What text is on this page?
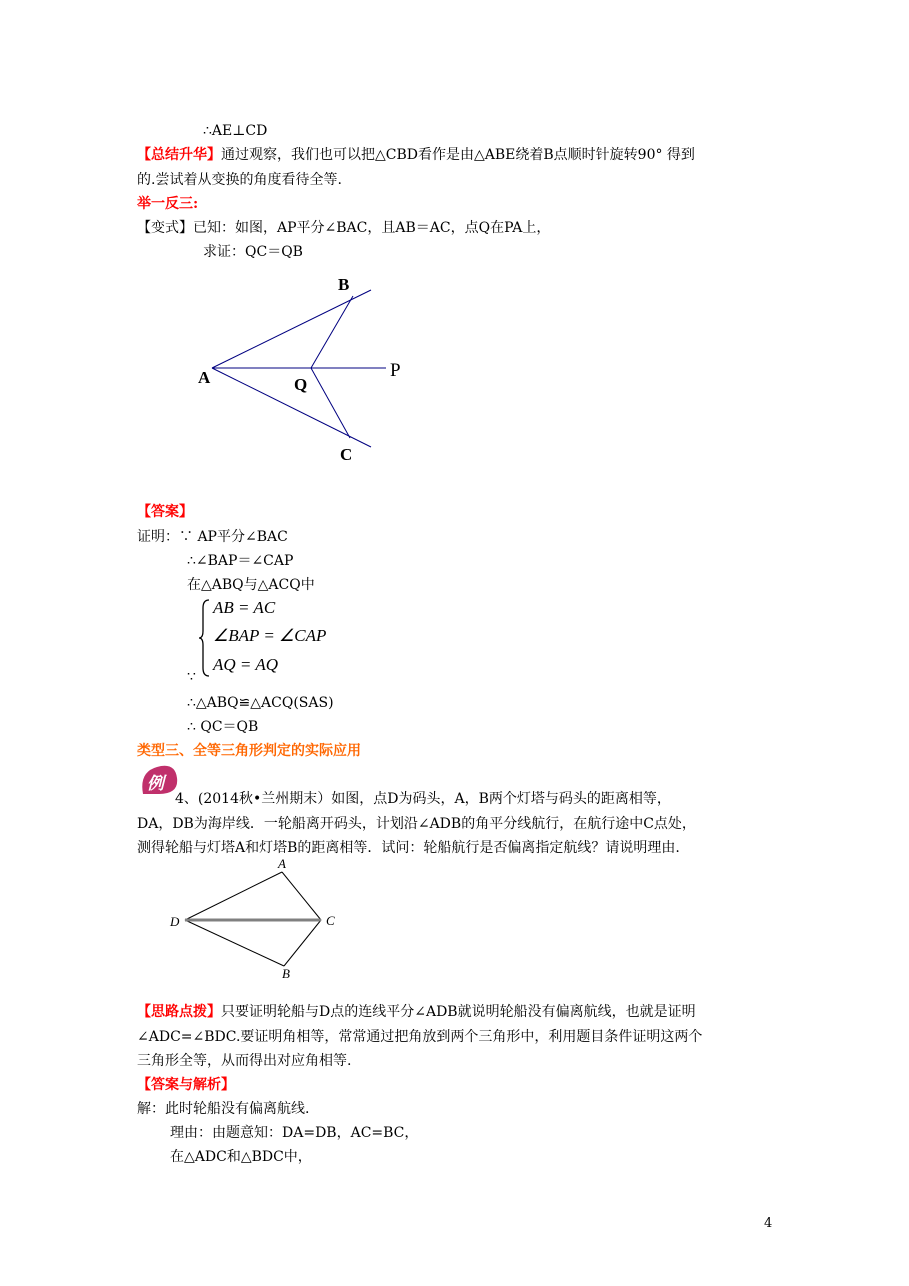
∴AE⊥CD
【总结升华】通过观察，我们也可以把△CBD看作是由△ABE绕着B点顺时针旋转90° 得到
的.尝试着从变换的角度看待全等.
举一反三:
【变式】已知：如图，AP平分∠BAC，且AB＝AC，点Q在PA上，
求证：QC＝QB
A
B
C
Q
P
【答案】
证明：∵ AP平分∠BAC
∴∠BAP＝∠CAP
在△ABQ与△ACQ中
AB = AC
∠BAP = ∠CAP
AQ = AQ
∵
∴△ABQ≌△ACQ(SAS)
∴ QC＝QB
类型三、全等三角形判定的实际应用
例
4、(2014秋•兰州期末）如图，点D为码头，A，B两个灯塔与码头的距离相等，
DA，DB为海岸线．一轮船离开码头，计划沿∠ADB的角平分线航行，在航行途中C点处，
测得轮船与灯塔A和灯塔B的距离相等．试问：轮船航行是否偏离指定航线？请说明理由.
A
B
C
D
【思路点拨】只要证明轮船与D点的连线平分∠ADB就说明轮船没有偏离航线，也就是证明
∠ADC=∠BDC.要证明角相等，常常通过把角放到两个三角形中，利用题目条件证明这两个
三角形全等，从而得出对应角相等.
【答案与解析】
解：此时轮船没有偏离航线.
理由：由题意知：DA=DB，AC=BC，
在△ADC和△BDC中，
4
